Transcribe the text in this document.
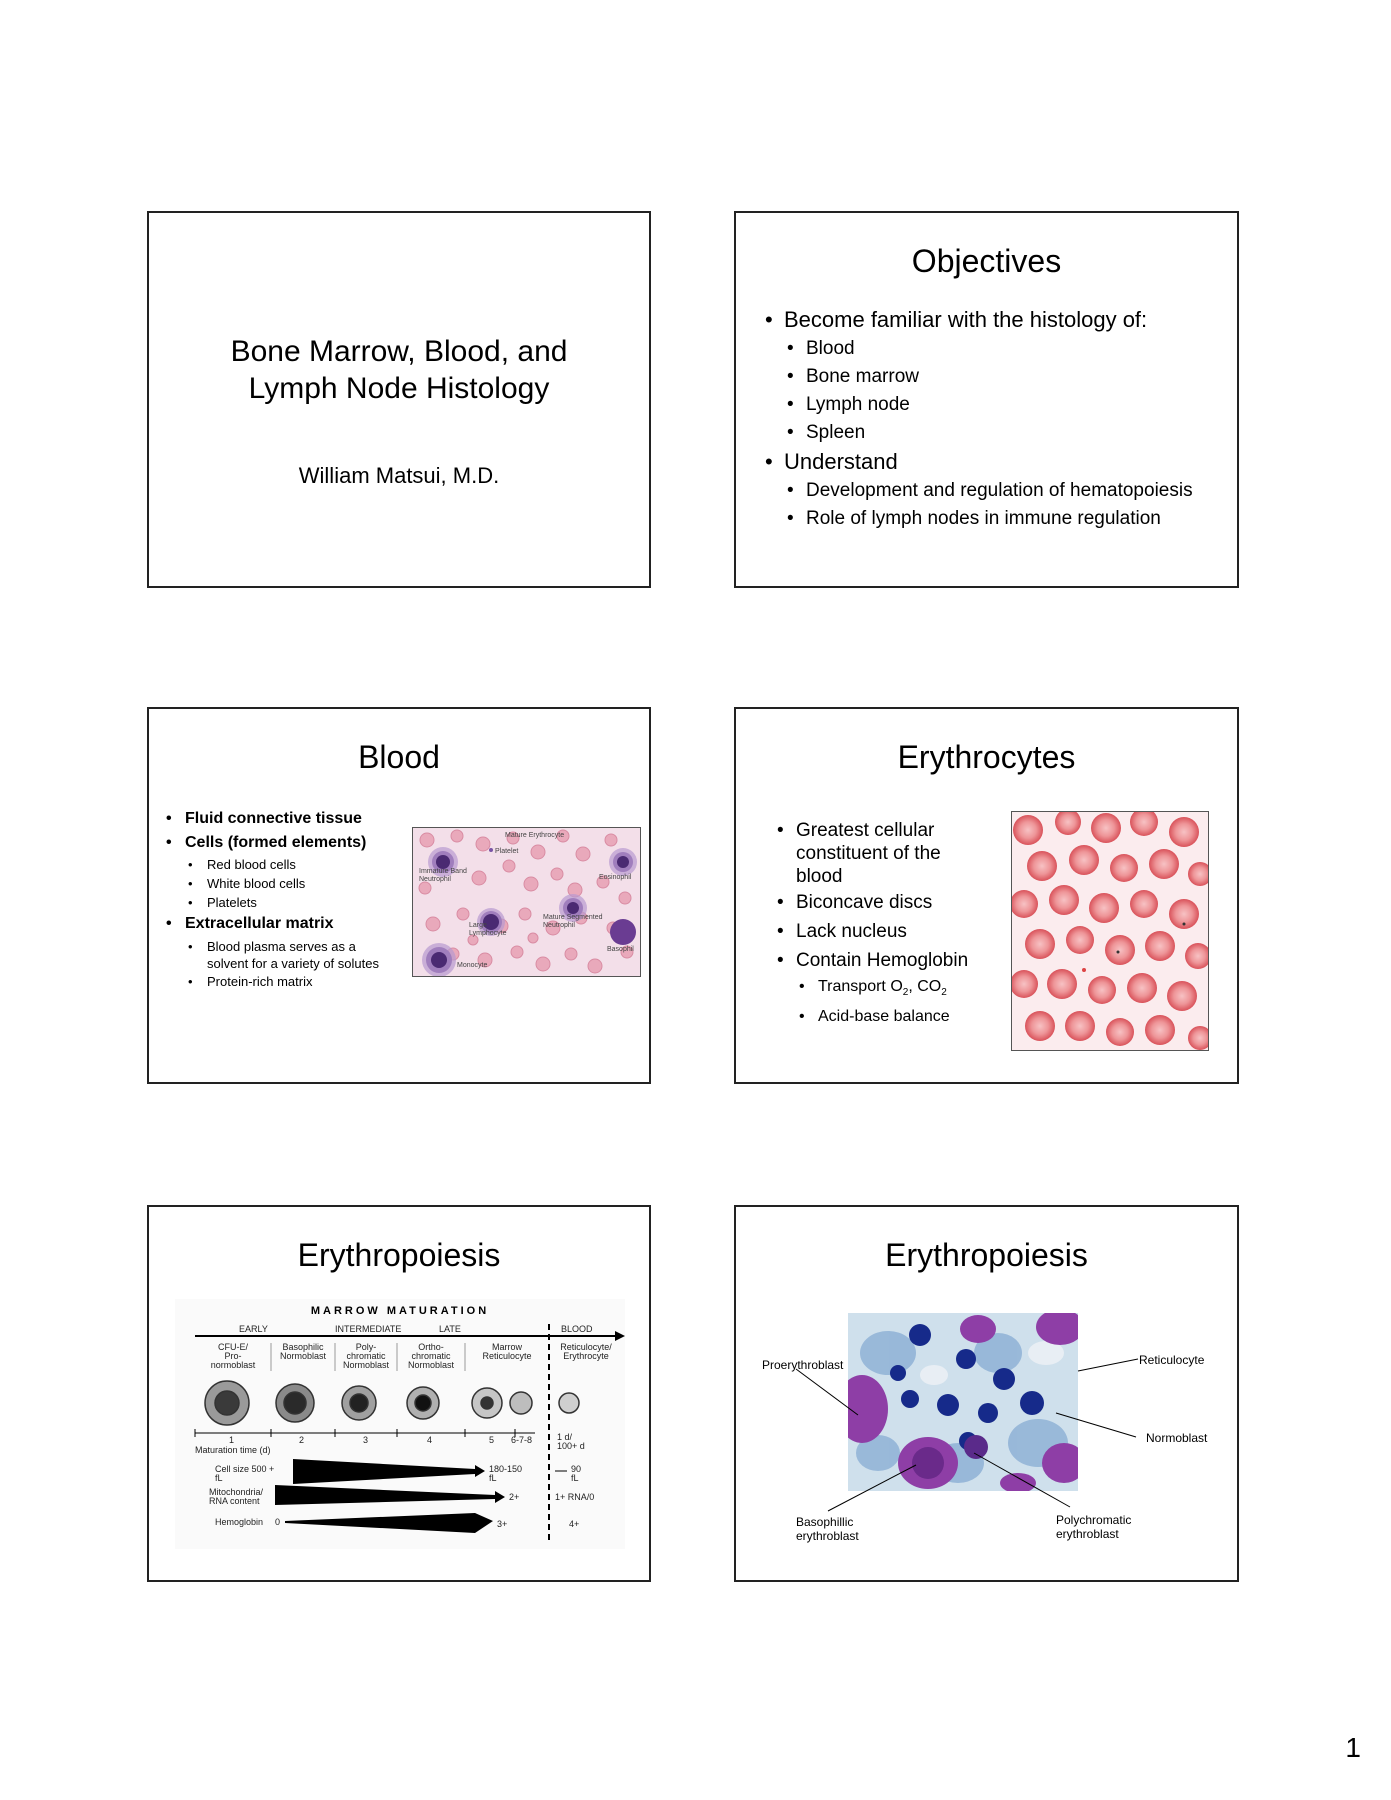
Bone Marrow, Blood, and
Lymph Node Histology
William Matsui, M.D.
Objectives
• Become familiar with the histology of:
• Blood
• Bone marrow
• Lymph node
• Spleen
• Understand
• Development and regulation of hematopoiesis
• Role of lymph nodes in immune regulation
Blood
• Fluid connective tissue
• Cells (formed elements)
• Red blood cells
• White blood cells
• Platelets
• Extracellular matrix
• Blood plasma serves as a
solvent for a variety of solutes
• Protein-rich matrix
Mature Erythrocyte
Platelet
Immature Band
Neutrophil	Eosinophil
Large
Lymphocyte
Mature Segmented
Neutrophil
Basophil
Monocyte
Erythrocytes
• Greatest cellular
constituent of the
blood
• Biconcave discs
• Lack nucleus
• Contain Hemoglobin
• Transport $O_2$, $CO_2$
• Acid-base balance
Erythropoiesis
MARROW MATURATION
EARLY	INTERMEDIATE	LATE	BLOOD
CFU-E/
Pro-
normoblast
Basophilic
Normoblast
Poly-
chromatic
Normoblast
Ortho-
chromatic
Normoblast
Marrow
Reticulocyte
Reticulocyte/
Erythrocyte
1	2	3	4	5 6-7-8	1 d/
100+ d
Maturation time (d)
Cell size 500 +
fL
180-150
fL
90
fL
Mitochondria/
RNA content	2+	1+ RNA/0
Hemoglobin 0	3+	4+
Erythropoiesis
Proerythroblast	Reticulocyte
Normoblast
Basophillic
erythroblast
Polychromatic
erythroblast
1
